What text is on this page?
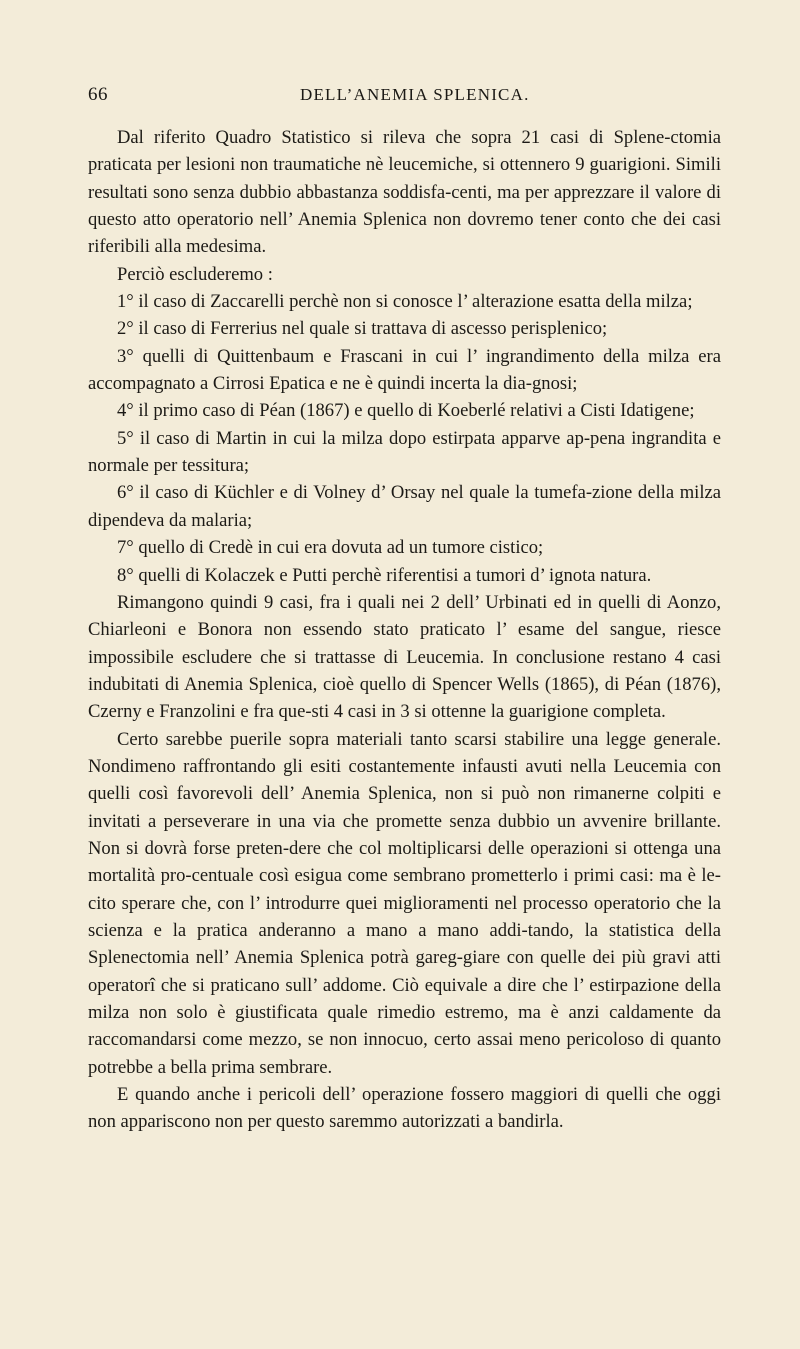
66	DELL’ANEMIA SPLENICA.

Dal riferito Quadro Statistico si rileva che sopra 21 casi di Splene-ctomia praticata per lesioni non traumatiche nè leucemiche, si ottennero 9 guarigioni. Simili resultati sono senza dubbio abbastanza soddisfa-centi, ma per apprezzare il valore di questo atto operatorio nell’ Anemia Splenica non dovremo tener conto che dei casi riferibili alla medesima.

Perciò escluderemo :

1° il caso di Zaccarelli perchè non si conosce l’ alterazione esatta della milza;

2° il caso di Ferrerius nel quale si trattava di ascesso perisplenico;

3° quelli di Quittenbaum e Frascani in cui l’ ingrandimento della milza era accompagnato a Cirrosi Epatica e ne è quindi incerta la dia-gnosi;

4° il primo caso di Péan (1867) e quello di Koeberlé relativi a Cisti Idatigene;

5° il caso di Martin in cui la milza dopo estirpata apparve ap-pena ingrandita e normale per tessitura;

6° il caso di Küchler e di Volney d’ Orsay nel quale la tumefa-zione della milza dipendeva da malaria;

7° quello di Credè in cui era dovuta ad un tumore cistico;

8° quelli di Kolaczek e Putti perchè riferentisi a tumori d’ ignota natura.

Rimangono quindi 9 casi, fra i quali nei 2 dell’ Urbinati ed in quelli di Aonzo, Chiarleoni e Bonora non essendo stato praticato l’ esame del sangue, riesce impossibile escludere che si trattasse di Leucemia. In conclusione restano 4 casi indubitati di Anemia Splenica, cioè quello di Spencer Wells (1865), di Péan (1876), Czerny e Franzolini e fra que-sti 4 casi in 3 si ottenne la guarigione completa.

Certo sarebbe puerile sopra materiali tanto scarsi stabilire una legge generale. Nondimeno raffrontando gli esiti costantemente infausti avuti nella Leucemia con quelli così favorevoli dell’ Anemia Splenica, non si può non rimanerne colpiti e invitati a perseverare in una via che promette senza dubbio un avvenire brillante. Non si dovrà forse preten-dere che col moltiplicarsi delle operazioni si ottenga una mortalità pro-centuale così esigua come sembrano prometterlo i primi casi: ma è le-cito sperare che, con l’ introdurre quei miglioramenti nel processo operatorio che la scienza e la pratica anderanno a mano a mano addi-tando, la statistica della Splenectomia nell’ Anemia Splenica potrà gareg-giare con quelle dei più gravi atti operatorî che si praticano sull’ addome. Ciò equivale a dire che l’ estirpazione della milza non solo è giustificata quale rimedio estremo, ma è anzi caldamente da raccomandarsi come mezzo, se non innocuo, certo assai meno pericoloso di quanto potrebbe a bella prima sembrare.

E quando anche i pericoli dell’ operazione fossero maggiori di quelli che oggi non appariscono non per questo saremmo autorizzati a bandirla.
